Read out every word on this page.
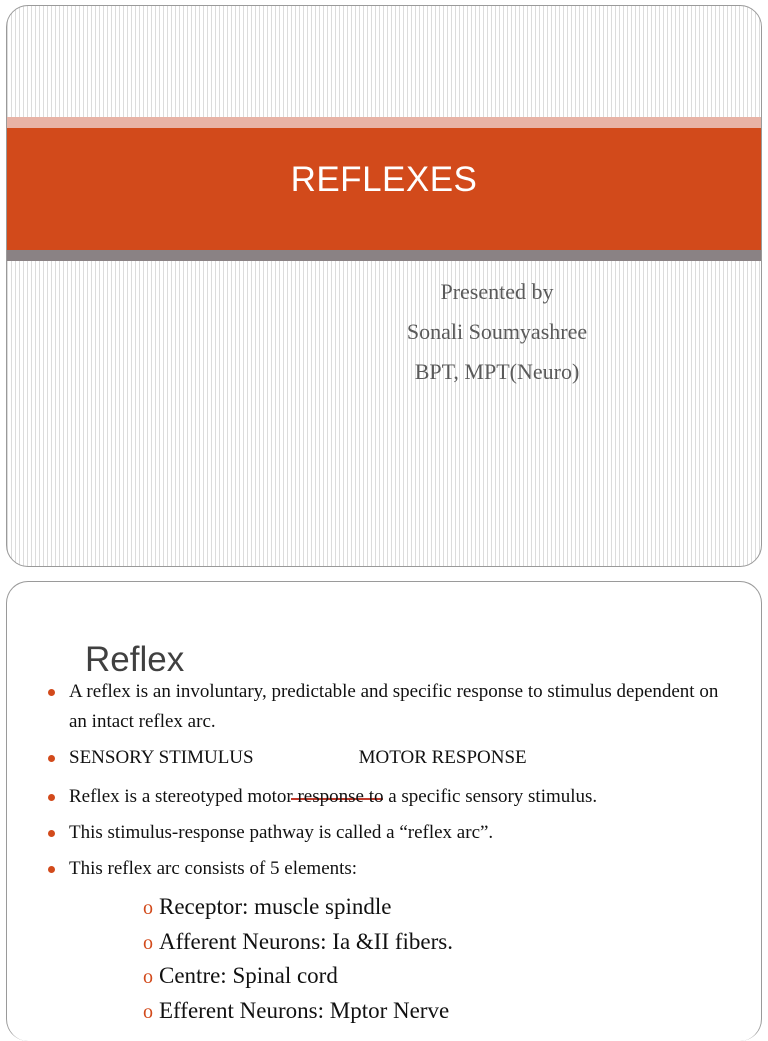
REFLEXES
Presented by
Sonali Soumyashree
BPT, MPT(Neuro)
Reflex
A reflex is an involuntary, predictable and specific response to stimulus dependent on an intact reflex arc.
SENSORY STIMULUS	MOTOR RESPONSE
Reflex is a stereotyped motor response to a specific sensory stimulus.
This stimulus-response pathway is called a “reflex arc”.
This reflex arc consists of 5 elements:
o Receptor: muscle spindle
o Afferent Neurons: Ia &II fibers.
o Centre: Spinal cord
o Efferent Neurons: Mptor Nerve
